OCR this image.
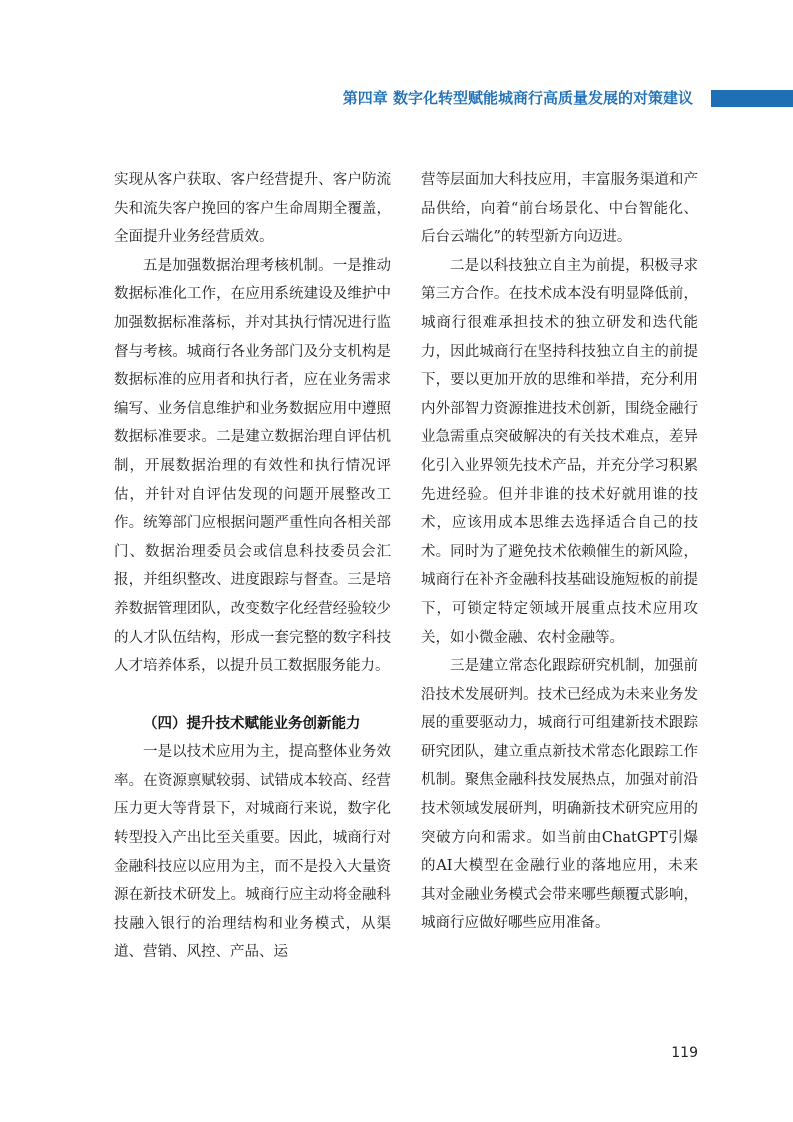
第四章 数字化转型赋能城商行高质量发展的对策建议

实现从客户获取、客户经营提升、客户防流失和流失客户挽回的客户生命周期全覆盖，全面提升业务经营质效。

五是加强数据治理考核机制。一是推动数据标准化工作，在应用系统建设及维护中加强数据标准落标，并对其执行情况进行监督与考核。城商行各业务部门及分支机构是数据标准的应用者和执行者，应在业务需求编写、业务信息维护和业务数据应用中遵照数据标准要求。二是建立数据治理自评估机制，开展数据治理的有效性和执行情况评估，并针对自评估发现的问题开展整改工作。统筹部门应根据问题严重性向各相关部门、数据治理委员会或信息科技委员会汇报，并组织整改、进度跟踪与督查。三是培养数据管理团队，改变数字化经营经验较少的人才队伍结构，形成一套完整的数字科技人才培养体系，以提升员工数据服务能力。

（四）提升技术赋能业务创新能力

一是以技术应用为主，提高整体业务效率。在资源禀赋较弱、试错成本较高、经营压力更大等背景下，对城商行来说，数字化转型投入产出比至关重要。因此，城商行对金融科技应以应用为主，而不是投入大量资源在新技术研发上。城商行应主动将金融科技融入银行的治理结构和业务模式，从渠道、营销、风控、产品、运

营等层面加大科技应用，丰富服务渠道和产品供给，向着“前台场景化、中台智能化、后台云端化”的转型新方向迈进。

二是以科技独立自主为前提，积极寻求第三方合作。在技术成本没有明显降低前，城商行很难承担技术的独立研发和迭代能力，因此城商行在坚持科技独立自主的前提下，要以更加开放的思维和举措，充分利用内外部智力资源推进技术创新，围绕金融行业急需重点突破解决的有关技术难点，差异化引入业界领先技术产品，并充分学习积累先进经验。但并非谁的技术好就用谁的技术，应该用成本思维去选择适合自己的技术。同时为了避免技术依赖催生的新风险，城商行在补齐金融科技基础设施短板的前提下，可锁定特定领域开展重点技术应用攻关，如小微金融、农村金融等。

三是建立常态化跟踪研究机制，加强前沿技术发展研判。技术已经成为未来业务发展的重要驱动力，城商行可组建新技术跟踪研究团队，建立重点新技术常态化跟踪工作机制。聚焦金融科技发展热点，加强对前沿技术领域发展研判，明确新技术研究应用的突破方向和需求。如当前由ChatGPT引爆的AI大模型在金融行业的落地应用，未来其对金融业务模式会带来哪些颠覆式影响，城商行应做好哪些应用准备。

119
